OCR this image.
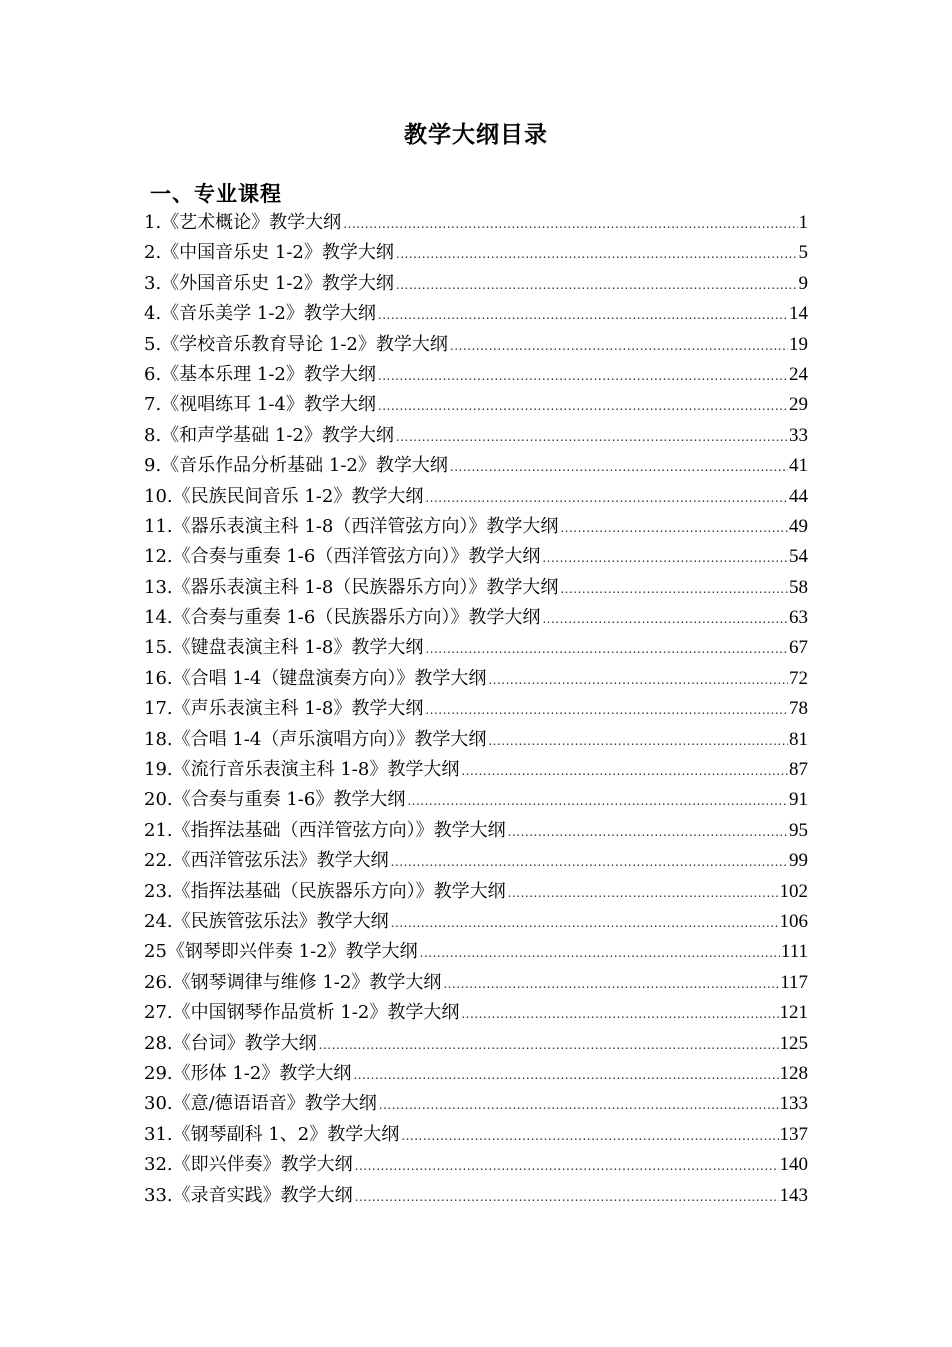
教学大纲目录
一、专业课程
1.《艺术概论》教学大纲 .....	1
2.《中国音乐史 1-2》教学大纲 .....	5
3.《外国音乐史 1-2》教学大纲 .....	9
4.《音乐美学 1-2》教学大纲 .....	14
5.《学校音乐教育导论 1-2》教学大纲 .....	19
6.《基本乐理 1-2》教学大纲 .....	24
7.《视唱练耳 1-4》教学大纲 .....	29
8.《和声学基础 1-2》教学大纲 .....	33
9.《音乐作品分析基础 1-2》教学大纲 .....	41
10.《民族民间音乐 1-2》教学大纲 .....	44
11.《器乐表演主科 1-8（西洋管弦方向）》教学大纲 .....	49
12.《合奏与重奏 1-6（西洋管弦方向）》教学大纲 .....	54
13.《器乐表演主科 1-8（民族器乐方向）》教学大纲 .....	58
14.《合奏与重奏 1-6（民族器乐方向）》教学大纲 .....	63
15.《键盘表演主科 1-8》教学大纲 .....	67
16.《合唱 1-4（键盘演奏方向）》教学大纲 .....	72
17.《声乐表演主科 1-8》教学大纲 .....	78
18.《合唱 1-4（声乐演唱方向）》教学大纲 .....	81
19.《流行音乐表演主科 1-8》教学大纲 .....	87
20.《合奏与重奏 1-6》教学大纲 .....	91
21.《指挥法基础（西洋管弦方向）》教学大纲 .....	95
22.《西洋管弦乐法》教学大纲 .....	99
23.《指挥法基础（民族器乐方向）》教学大纲 .....	102
24.《民族管弦乐法》教学大纲 .....	106
25《钢琴即兴伴奏 1-2》教学大纲 .....	111
26.《钢琴调律与维修 1-2》教学大纲 .....	117
27.《中国钢琴作品赏析 1-2》教学大纲 .....	121
28.《台词》教学大纲 .....	125
29.《形体 1-2》教学大纲 .....	128
30.《意/德语语音》教学大纲 .....	133
31.《钢琴副科 1、2》教学大纲 .....	137
32.《即兴伴奏》教学大纲 .....	140
33.《录音实践》教学大纲 .....	143
